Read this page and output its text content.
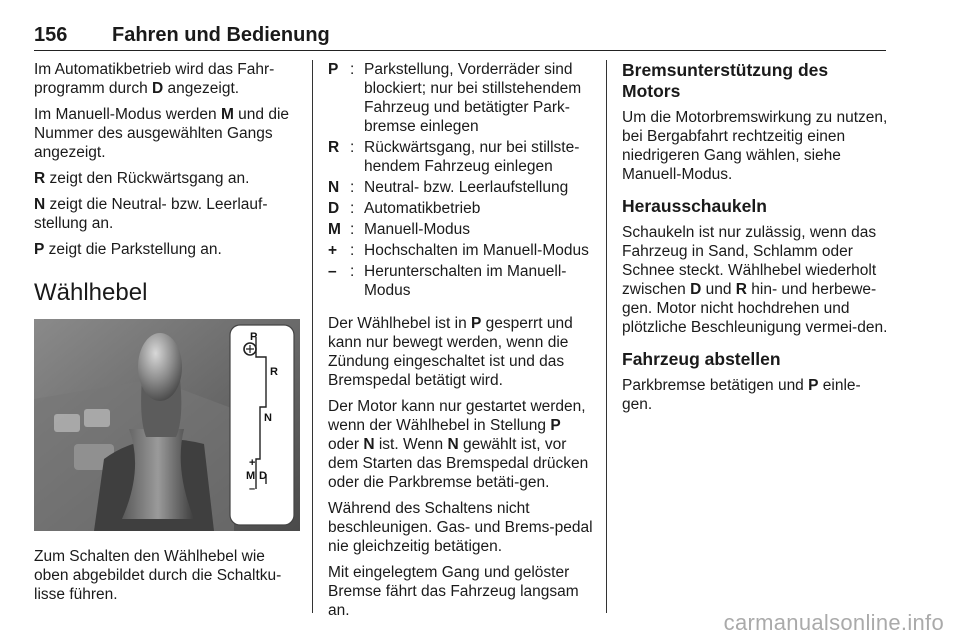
156 Fahren und Bedienung

Im Automatikbetrieb wird das Fahr-programm durch D angezeigt.

Im Manuell-Modus werden M und die Nummer des ausgewählten Gangs angezeigt.

R zeigt den Rückwärtsgang an.

N zeigt die Neutral- bzw. Leerlauf-stellung an.

P zeigt die Parkstellung an.

Wählhebel
P
R
N
+
M D
–

Zum Schalten den Wählhebel wie oben abgebildet durch die Schaltku-lisse führen.

P	:	Parkstellung, Vorderräder sind blockiert; nur bei stillstehendem Fahrzeug und betätigter Park-bremse einlegen
R	:	Rückwärtsgang, nur bei stillste-hendem Fahrzeug einlegen
N	:	Neutral- bzw. Leerlaufstellung
D	:	Automatikbetrieb
M	:	Manuell-Modus
+ :	Hochschalten im Manuell-Modus
– :	Herunterschalten im Manuell-Modus

Der Wählhebel ist in P gesperrt und kann nur bewegt werden, wenn die Zündung eingeschaltet ist und das Bremspedal betätigt wird.

Der Motor kann nur gestartet werden, wenn der Wählhebel in Stellung P oder N ist. Wenn N gewählt ist, vor dem Starten das Bremspedal drücken oder die Parkbremse betäti-gen.

Während des Schaltens nicht beschleunigen. Gas- und Brems-pedal nie gleichzeitig betätigen.

Mit eingelegtem Gang und gelöster Bremse fährt das Fahrzeug langsam an.

Bremsunterstützung des Motors

Um die Motorbremswirkung zu nutzen, bei Bergabfahrt rechtzeitig einen niedrigeren Gang wählen, siehe Manuell-Modus.

Herausschaukeln

Schaukeln ist nur zulässig, wenn das Fahrzeug in Sand, Schlamm oder Schnee steckt. Wählhebel wiederholt zwischen D und R hin- und herbewe-gen. Motor nicht hochdrehen und plötzliche Beschleunigung vermei-den.

Fahrzeug abstellen

Parkbremse betätigen und P einle-gen.

carmanualsonline.info
